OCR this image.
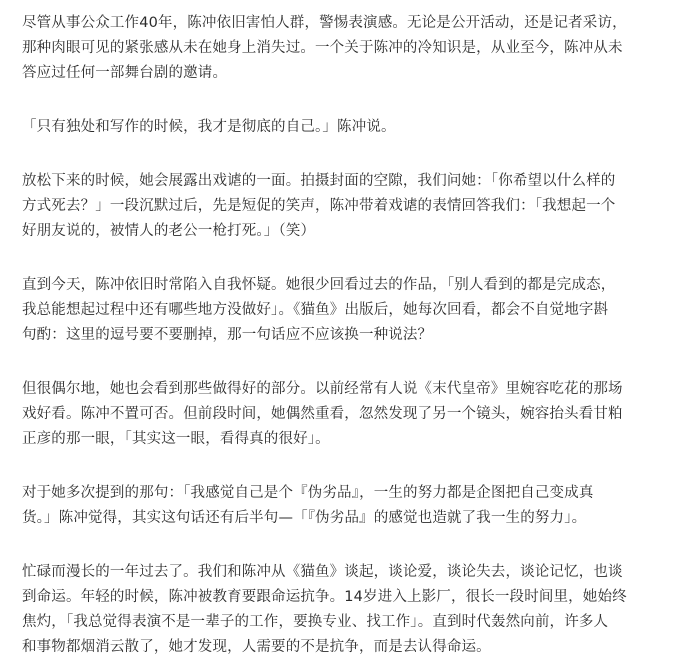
尽管从事公众工作40年，陈冲依旧害怕人群，警惕表演感。无论是公开活动，还是记者采访，
那种肉眼可见的紧张感从未在她身上消失过。一个关于陈冲的冷知识是，从业至今，陈冲从未
答应过任何一部舞台剧的邀请。

「只有独处和写作的时候，我才是彻底的自己。」陈冲说。

放松下来的时候，她会展露出戏谑的一面。拍摄封面的空隙，我们问她：「你希望以什么样的
方式死去？」一段沉默过后，先是短促的笑声，陈冲带着戏谑的表情回答我们：「我想起一个
好朋友说的，被情人的老公一枪打死。」（笑）

直到今天，陈冲依旧时常陷入自我怀疑。她很少回看过去的作品，「别人看到的都是完成态，
我总能想起过程中还有哪些地方没做好」。《猫鱼》出版后，她每次回看，都会不自觉地字斟
句酌：这里的逗号要不要删掉，那一句话应不应该换一种说法？

但很偶尔地，她也会看到那些做得好的部分。以前经常有人说《末代皇帝》里婉容吃花的那场
戏好看。陈冲不置可否。但前段时间，她偶然重看，忽然发现了另一个镜头，婉容抬头看甘粕
正彦的那一眼，「其实这一眼，看得真的很好」。

对于她多次提到的那句：「我感觉自己是个『伪劣品』，一生的努力都是企图把自己变成真
货。」陈冲觉得，其实这句话还有后半句—「『伪劣品』的感觉也造就了我一生的努力」。

忙碌而漫长的一年过去了。我们和陈冲从《猫鱼》谈起，谈论爱，谈论失去，谈论记忆，也谈
到命运。年轻的时候，陈冲被教育要跟命运抗争。14岁进入上影厂，很长一段时间里，她始终
焦灼，「我总觉得表演不是一辈子的工作，要换专业、找工作」。直到时代轰然向前，许多人
和事物都烟消云散了，她才发现，人需要的不是抗争，而是去认得命运。
